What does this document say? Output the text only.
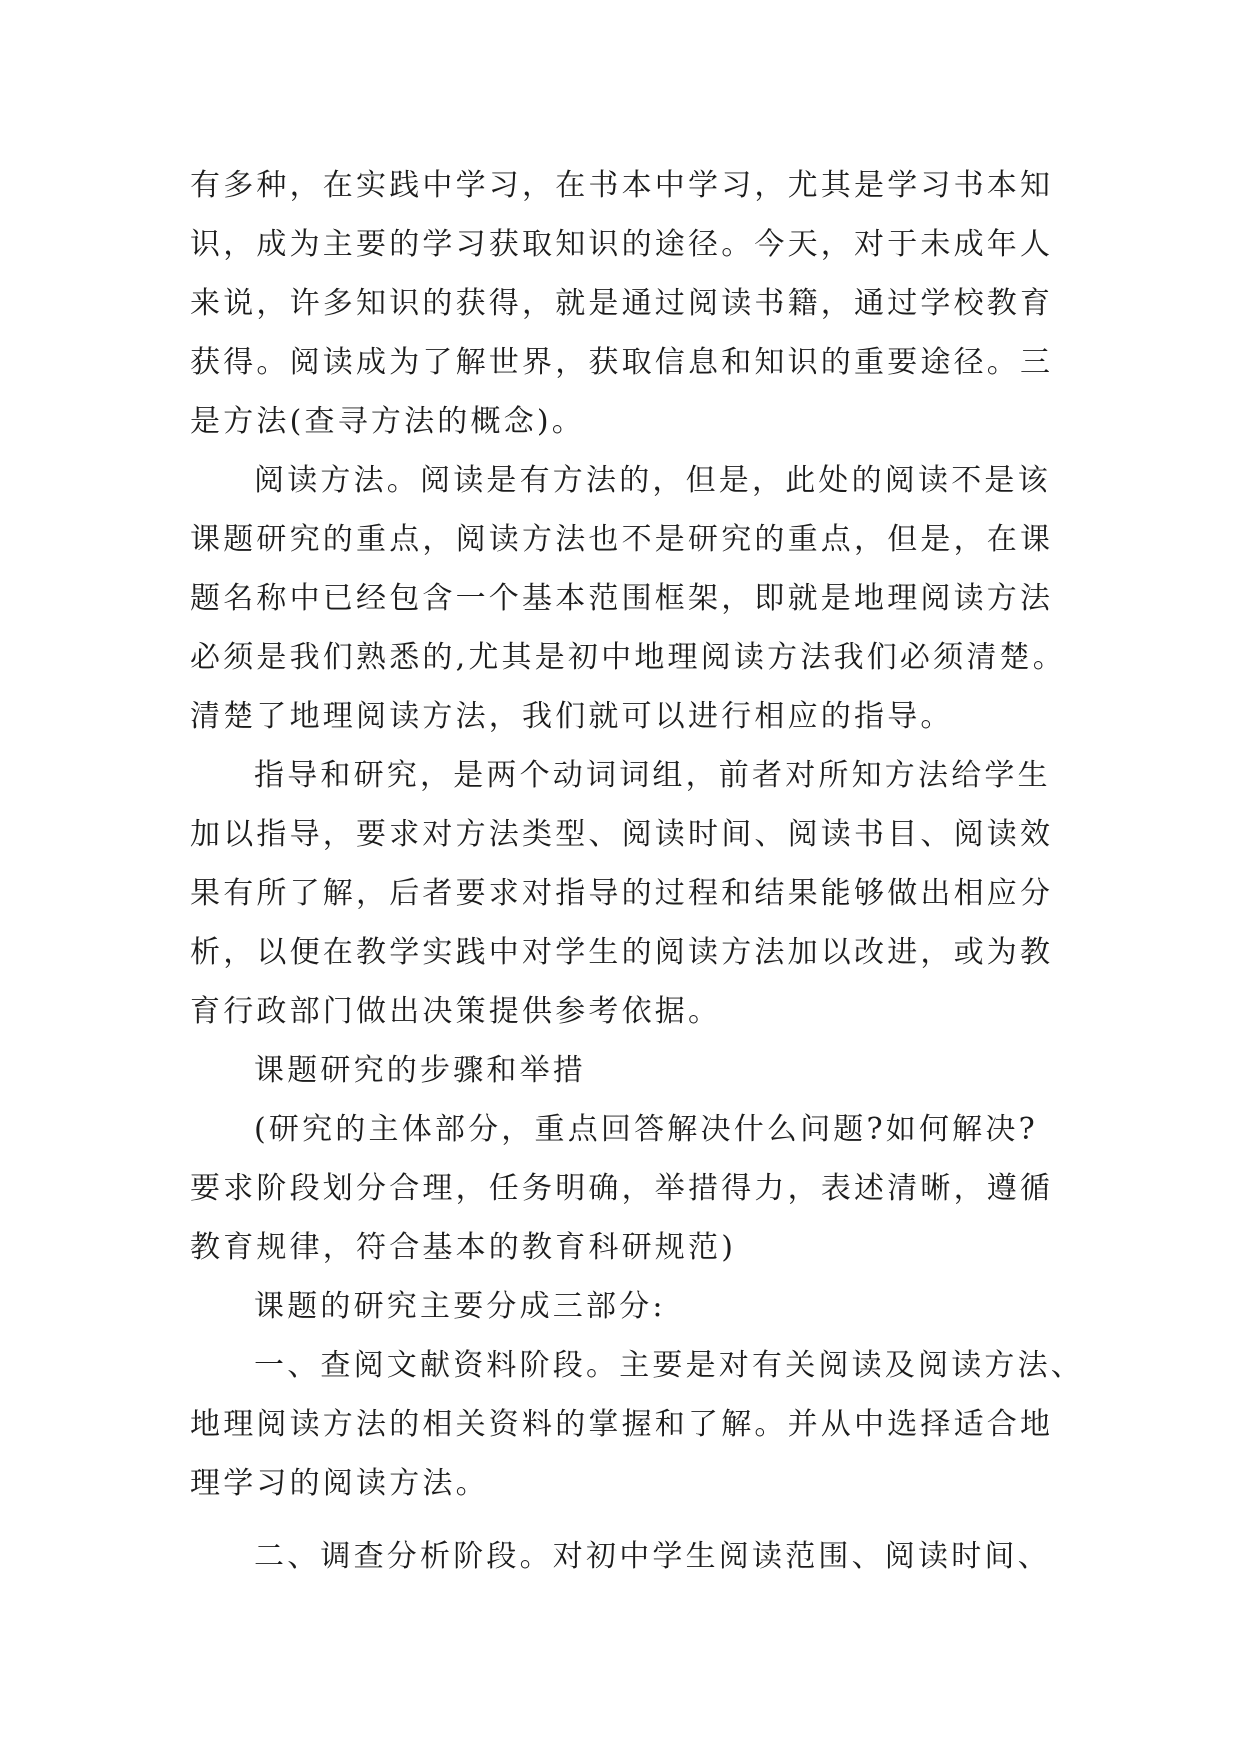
有多种，在实践中学习，在书本中学习，尤其是学习书本知
识，成为主要的学习获取知识的途径。今天，对于未成年人
来说，许多知识的获得，就是通过阅读书籍，通过学校教育
获得。阅读成为了解世界，获取信息和知识的重要途径。三
是方法(查寻方法的概念)。
阅读方法。阅读是有方法的，但是，此处的阅读不是该
课题研究的重点，阅读方法也不是研究的重点，但是，在课
题名称中已经包含一个基本范围框架，即就是地理阅读方法
必须是我们熟悉的,尤其是初中地理阅读方法我们必须清楚。
清楚了地理阅读方法，我们就可以进行相应的指导。
指导和研究，是两个动词词组，前者对所知方法给学生
加以指导，要求对方法类型、阅读时间、阅读书目、阅读效
果有所了解，后者要求对指导的过程和结果能够做出相应分
析，以便在教学实践中对学生的阅读方法加以改进，或为教
育行政部门做出决策提供参考依据。
课题研究的步骤和举措
(研究的主体部分，重点回答解决什么问题?如何解决?
要求阶段划分合理，任务明确，举措得力，表述清晰，遵循
教育规律，符合基本的教育科研规范)
课题的研究主要分成三部分:
一、查阅文献资料阶段。主要是对有关阅读及阅读方法、
地理阅读方法的相关资料的掌握和了解。并从中选择适合地
理学习的阅读方法。
二、调查分析阶段。对初中学生阅读范围、阅读时间、
